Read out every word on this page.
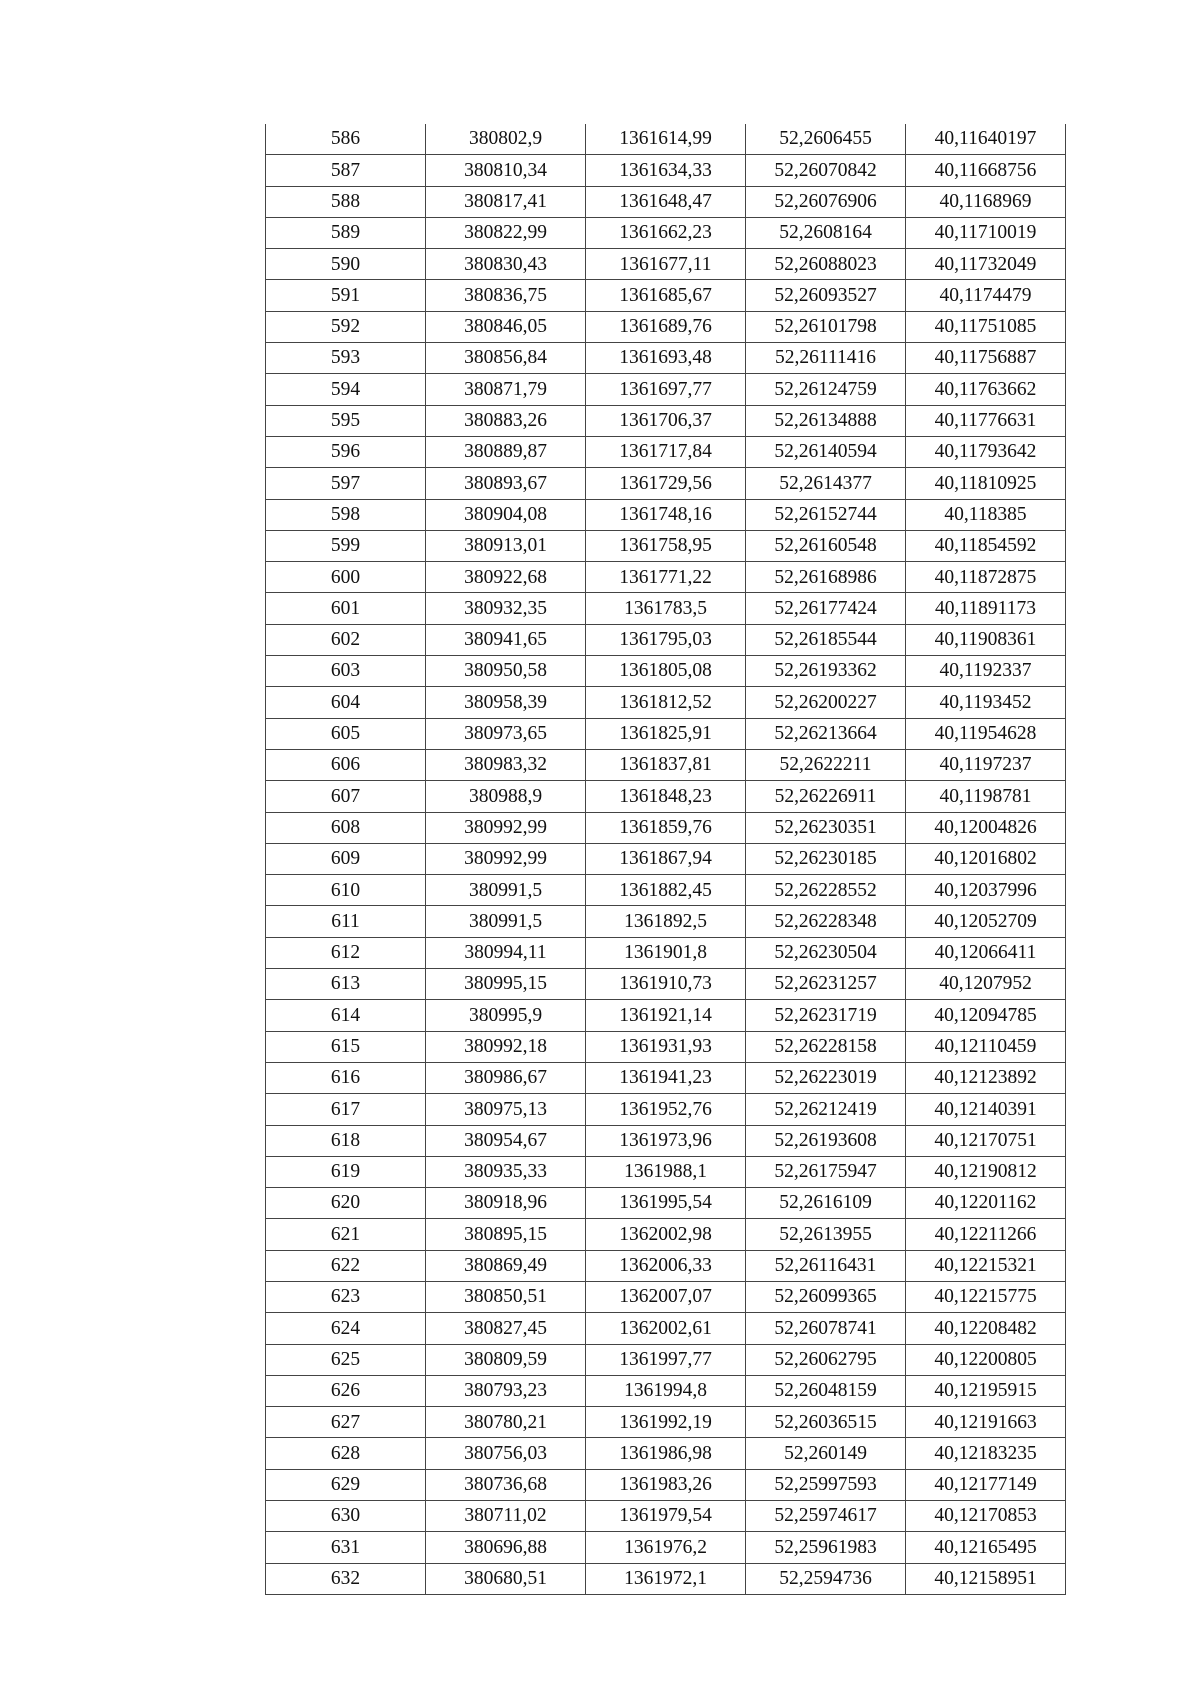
586	380802,9	1361614,99	52,2606455	40,11640197
587	380810,34	1361634,33	52,26070842	40,11668756
588	380817,41	1361648,47	52,26076906	40,1168969
589	380822,99	1361662,23	52,2608164	40,11710019
590	380830,43	1361677,11	52,26088023	40,11732049
591	380836,75	1361685,67	52,26093527	40,1174479
592	380846,05	1361689,76	52,26101798	40,11751085
593	380856,84	1361693,48	52,26111416	40,11756887
594	380871,79	1361697,77	52,26124759	40,11763662
595	380883,26	1361706,37	52,26134888	40,11776631
596	380889,87	1361717,84	52,26140594	40,11793642
597	380893,67	1361729,56	52,2614377	40,11810925
598	380904,08	1361748,16	52,26152744	40,118385
599	380913,01	1361758,95	52,26160548	40,11854592
600	380922,68	1361771,22	52,26168986	40,11872875
601	380932,35	1361783,5	52,26177424	40,11891173
602	380941,65	1361795,03	52,26185544	40,11908361
603	380950,58	1361805,08	52,26193362	40,1192337
604	380958,39	1361812,52	52,26200227	40,1193452
605	380973,65	1361825,91	52,26213664	40,11954628
606	380983,32	1361837,81	52,2622211	40,1197237
607	380988,9	1361848,23	52,26226911	40,1198781
608	380992,99	1361859,76	52,26230351	40,12004826
609	380992,99	1361867,94	52,26230185	40,12016802
610	380991,5	1361882,45	52,26228552	40,12037996
611	380991,5	1361892,5	52,26228348	40,12052709
612	380994,11	1361901,8	52,26230504	40,12066411
613	380995,15	1361910,73	52,26231257	40,1207952
614	380995,9	1361921,14	52,26231719	40,12094785
615	380992,18	1361931,93	52,26228158	40,12110459
616	380986,67	1361941,23	52,26223019	40,12123892
617	380975,13	1361952,76	52,26212419	40,12140391
618	380954,67	1361973,96	52,26193608	40,12170751
619	380935,33	1361988,1	52,26175947	40,12190812
620	380918,96	1361995,54	52,2616109	40,12201162
621	380895,15	1362002,98	52,2613955	40,12211266
622	380869,49	1362006,33	52,26116431	40,12215321
623	380850,51	1362007,07	52,26099365	40,12215775
624	380827,45	1362002,61	52,26078741	40,12208482
625	380809,59	1361997,77	52,26062795	40,12200805
626	380793,23	1361994,8	52,26048159	40,12195915
627	380780,21	1361992,19	52,26036515	40,12191663
628	380756,03	1361986,98	52,260149	40,12183235
629	380736,68	1361983,26	52,25997593	40,12177149
630	380711,02	1361979,54	52,25974617	40,12170853
631	380696,88	1361976,2	52,25961983	40,12165495
632	380680,51	1361972,1	52,2594736	40,12158951
